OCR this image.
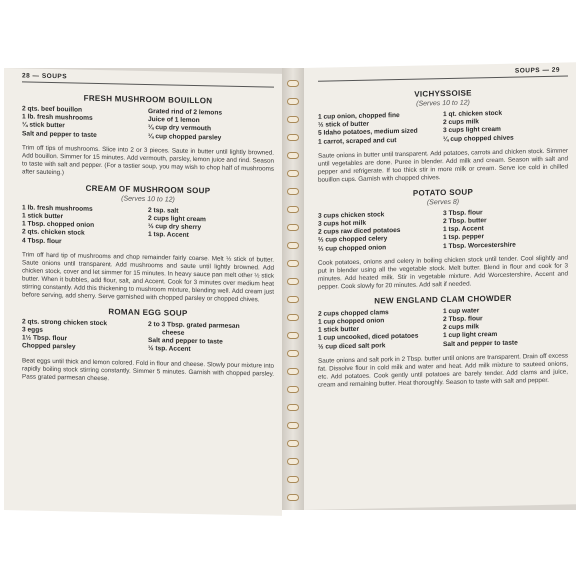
28 — SOUPS
FRESH MUSHROOM BOUILLON
2 qts. beef bouillon
1 lb. fresh mushrooms
¼ stick butter
Salt and pepper to taste
Grated rind of 2 lemons
Juice of 1 lemon
¼ cup dry vermouth
¼ cup chopped parsley

Trim off tips of mushrooms. Slice into 2 or 3 pieces. Saute in butter until lightly browned. Add bouillon. Simmer for 15 minutes. Add vermouth, parsley, lemon juice and rind. Season to taste with salt and pepper. (For a tastier soup, you may wish to chop half of mushrooms after sauteing.)

CREAM OF MUSHROOM SOUP
(Serves 10 to 12)
1 lb. fresh mushrooms
1 stick butter
1 Tbsp. chopped onion
2 qts. chicken stock
4 Tbsp. flour
2 tsp. salt
2 cups light cream
⅓ cup dry sherry
1 tsp. Accent

Trim off hard tip of mushrooms and chop remainder fairly coarse. Melt ½ stick of butter. Saute onions until transparent. Add mushrooms and saute until lightly browned. Add chicken stock, cover and let simmer for 15 minutes. In heavy sauce pan melt other ½ stick butter. When it bubbles, add flour, salt, and Accent. Cook for 3 minutes over medium heat stirring constantly. Add this thickening to mushroom mixture, blending well. Add cream just before serving, add sherry. Serve garnished with chopped parsley or chopped chives.

ROMAN EGG SOUP
2 qts. strong chicken stock
3 eggs
1½ Tbsp. flour
Chopped parsley
2 to 3 Tbsp. grated parmesan
cheese
Salt and pepper to taste
½ tsp. Accent

Beat eggs until thick and lemon colored. Fold in flour and cheese. Slowly pour mixture into rapidly boiling stock stirring constantly. Simmer 5 minutes. Garnish with chopped parsley. Pass grated parmesan cheese.

SOUPS — 29
VICHYSSOISE
(Serves 10 to 12)
1 cup onion, chopped fine
½ stick of butter
5 Idaho potatoes, medium sized
1 carrot, scraped and cut
1 qt. chicken stock
2 cups milk
3 cups light cream
¼ cup chopped chives

Saute onions in butter until transparent. Add potatoes, carrots and chicken stock. Simmer until vegetables are done. Puree in blender. Add milk and cream. Season with salt and pepper and refrigerate. If too thick stir in more milk or cream. Serve ice cold in chilled bouillon cups. Garnish with chopped chives.

POTATO SOUP
(Serves 8)
3 cups chicken stock
3 cups hot milk
2 cups raw diced potatoes
⅔ cup chopped celery
⅔ cup chopped onion
3 Tbsp. flour
2 Tbsp. butter
1 tsp. Accent
1 tsp. pepper
1 Tbsp. Worcestershire

Cook potatoes, onions and celery in boiling chicken stock until tender. Cool slightly and put in blender using all the vegetable stock. Melt butter. Blend in flour and cook for 3 minutes. Add heated milk. Stir in vegetable mixture. Add Worcestershire, Accent and pepper. Cook slowly for 20 minutes. Add salt if needed.

NEW ENGLAND CLAM CHOWDER
2 cups chopped clams
1 cup chopped onion
1 stick butter
1 cup uncooked, diced potatoes
½ cup diced salt pork
1 cup water
2 Tbsp. flour
2 cups milk
1 cup light cream
Salt and pepper to taste

Saute onions and salt pork in 2 Tbsp. butter until onions are transparent. Drain off excess fat. Dissolve flour in cold milk and water and heat. Add milk mixture to sauteed onions, etc. Add potatoes. Cook gently until potatoes are barely tender. Add clams and juice, cream and remaining butter. Heat thoroughly. Season to taste with salt and pepper.
